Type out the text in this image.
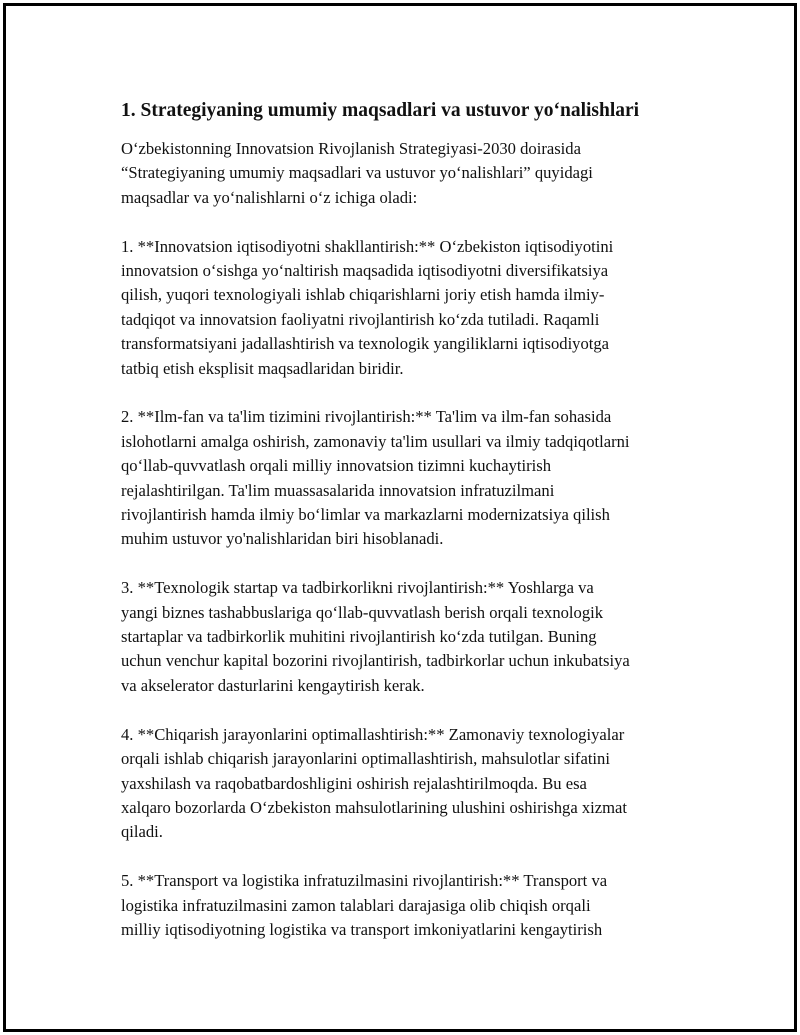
1. Strategiyaning umumiy maqsadlari va ustuvor yo‘nalishlari

O‘zbekistonning Innovatsion Rivojlanish Strategiyasi-2030 doirasida
“Strategiyaning umumiy maqsadlari va ustuvor yo‘nalishlari” quyidagi
maqsadlar va yo‘nalishlarni o‘z ichiga oladi:

1. **Innovatsion iqtisodiyotni shakllantirish:** O‘zbekiston iqtisodiyotini
innovatsion o‘sishga yo‘naltirish maqsadida iqtisodiyotni diversifikatsiya
qilish, yuqori texnologiyali ishlab chiqarishlarni joriy etish hamda ilmiy-
tadqiqot va innovatsion faoliyatni rivojlantirish ko‘zda tutiladi. Raqamli
transformatsiyani jadallashtirish va texnologik yangiliklarni iqtisodiyotga
tatbiq etish eksplisit maqsadlaridan biridir.

2. **Ilm-fan va ta'lim tizimini rivojlantirish:** Ta'lim va ilm-fan sohasida
islohotlarni amalga oshirish, zamonaviy ta'lim usullari va ilmiy tadqiqotlarni
qo‘llab-quvvatlash orqali milliy innovatsion tizimni kuchaytirish
rejalashtirilgan. Ta'lim muassasalarida innovatsion infratuzilmani
rivojlantirish hamda ilmiy bo‘limlar va markazlarni modernizatsiya qilish
muhim ustuvor yo'nalishlaridan biri hisoblanadi.

3. **Texnologik startap va tadbirkorlikni rivojlantirish:** Yoshlarga va
yangi biznes tashabbuslariga qo‘llab-quvvatlash berish orqali texnologik
startaplar va tadbirkorlik muhitini rivojlantirish ko‘zda tutilgan. Buning
uchun venchur kapital bozorini rivojlantirish, tadbirkorlar uchun inkubatsiya
va akselerator dasturlarini kengaytirish kerak.

4. **Chiqarish jarayonlarini optimallashtirish:** Zamonaviy texnologiyalar
orqali ishlab chiqarish jarayonlarini optimallashtirish, mahsulotlar sifatini
yaxshilash va raqobatbardoshligini oshirish rejalashtirilmoqda. Bu esa
xalqaro bozorlarda O‘zbekiston mahsulotlarining ulushini oshirishga xizmat
qiladi.

5. **Transport va logistika infratuzilmasini rivojlantirish:** Transport va
logistika infratuzilmasini zamon talablari darajasiga olib chiqish orqali
milliy iqtisodiyotning logistika va transport imkoniyatlarini kengaytirish
